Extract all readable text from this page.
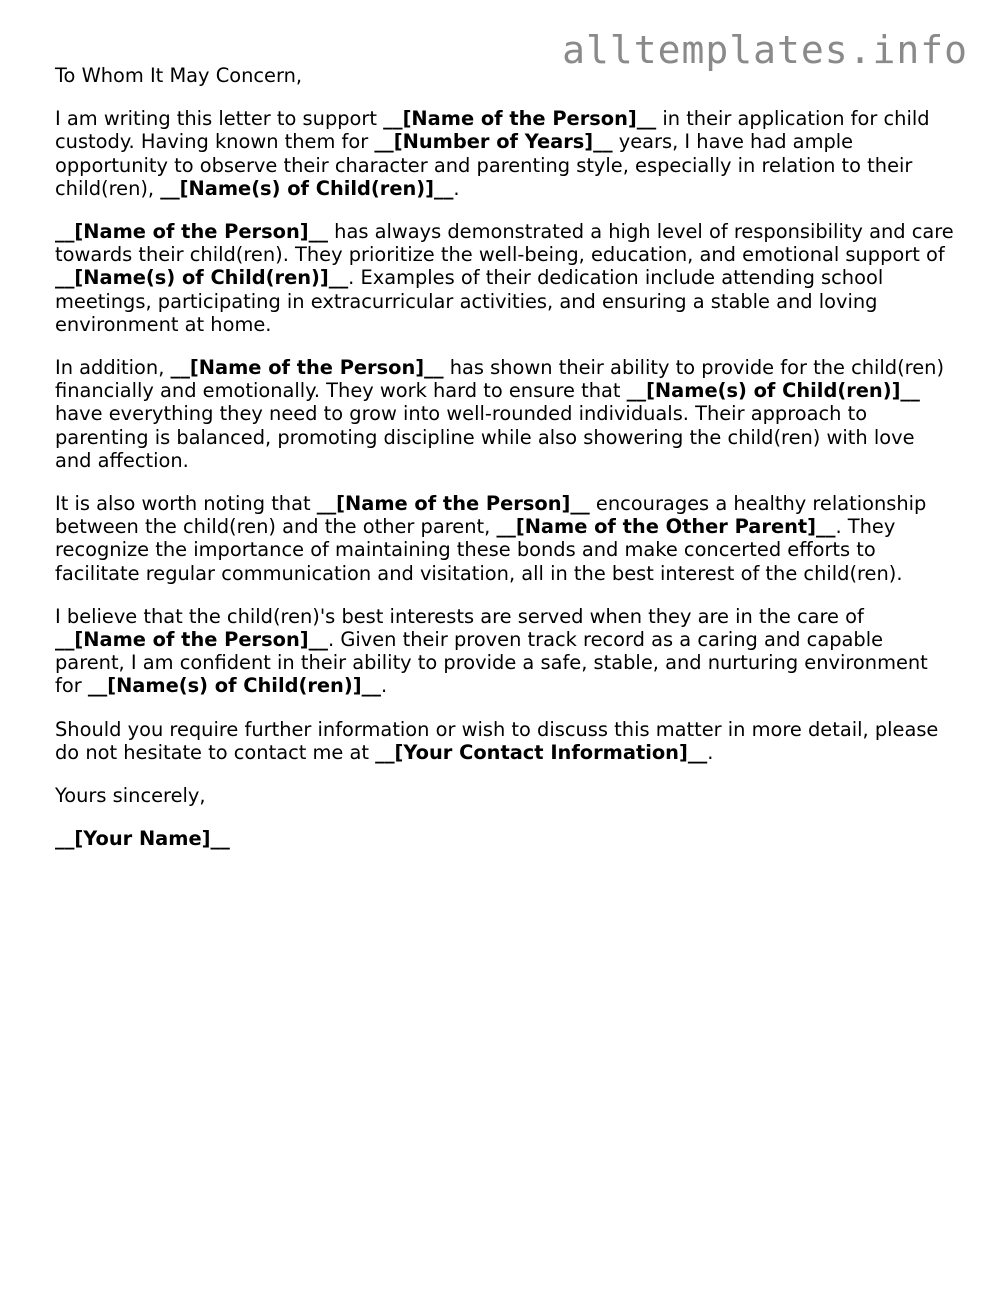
alltemplates.info

To Whom It May Concern,

I am writing this letter to support __[Name of the Person]__ in their application for child custody. Having known them for __[Number of Years]__ years, I have had ample opportunity to observe their character and parenting style, especially in relation to their child(ren), __[Name(s) of Child(ren)]__.

__[Name of the Person]__ has always demonstrated a high level of responsibility and care towards their child(ren). They prioritize the well-being, education, and emotional support of __[Name(s) of Child(ren)]__. Examples of their dedication include attending school meetings, participating in extracurricular activities, and ensuring a stable and loving environment at home.

In addition, __[Name of the Person]__ has shown their ability to provide for the child(ren) financially and emotionally. They work hard to ensure that __[Name(s) of Child(ren)]__ have everything they need to grow into well-rounded individuals. Their approach to parenting is balanced, promoting discipline while also showering the child(ren) with love and affection.

It is also worth noting that __[Name of the Person]__ encourages a healthy relationship between the child(ren) and the other parent, __[Name of the Other Parent]__. They recognize the importance of maintaining these bonds and make concerted efforts to facilitate regular communication and visitation, all in the best interest of the child(ren).

I believe that the child(ren)'s best interests are served when they are in the care of __[Name of the Person]__. Given their proven track record as a caring and capable parent, I am confident in their ability to provide a safe, stable, and nurturing environment for __[Name(s) of Child(ren)]__.

Should you require further information or wish to discuss this matter in more detail, please do not hesitate to contact me at __[Your Contact Information]__.

Yours sincerely,

__[Your Name]__
